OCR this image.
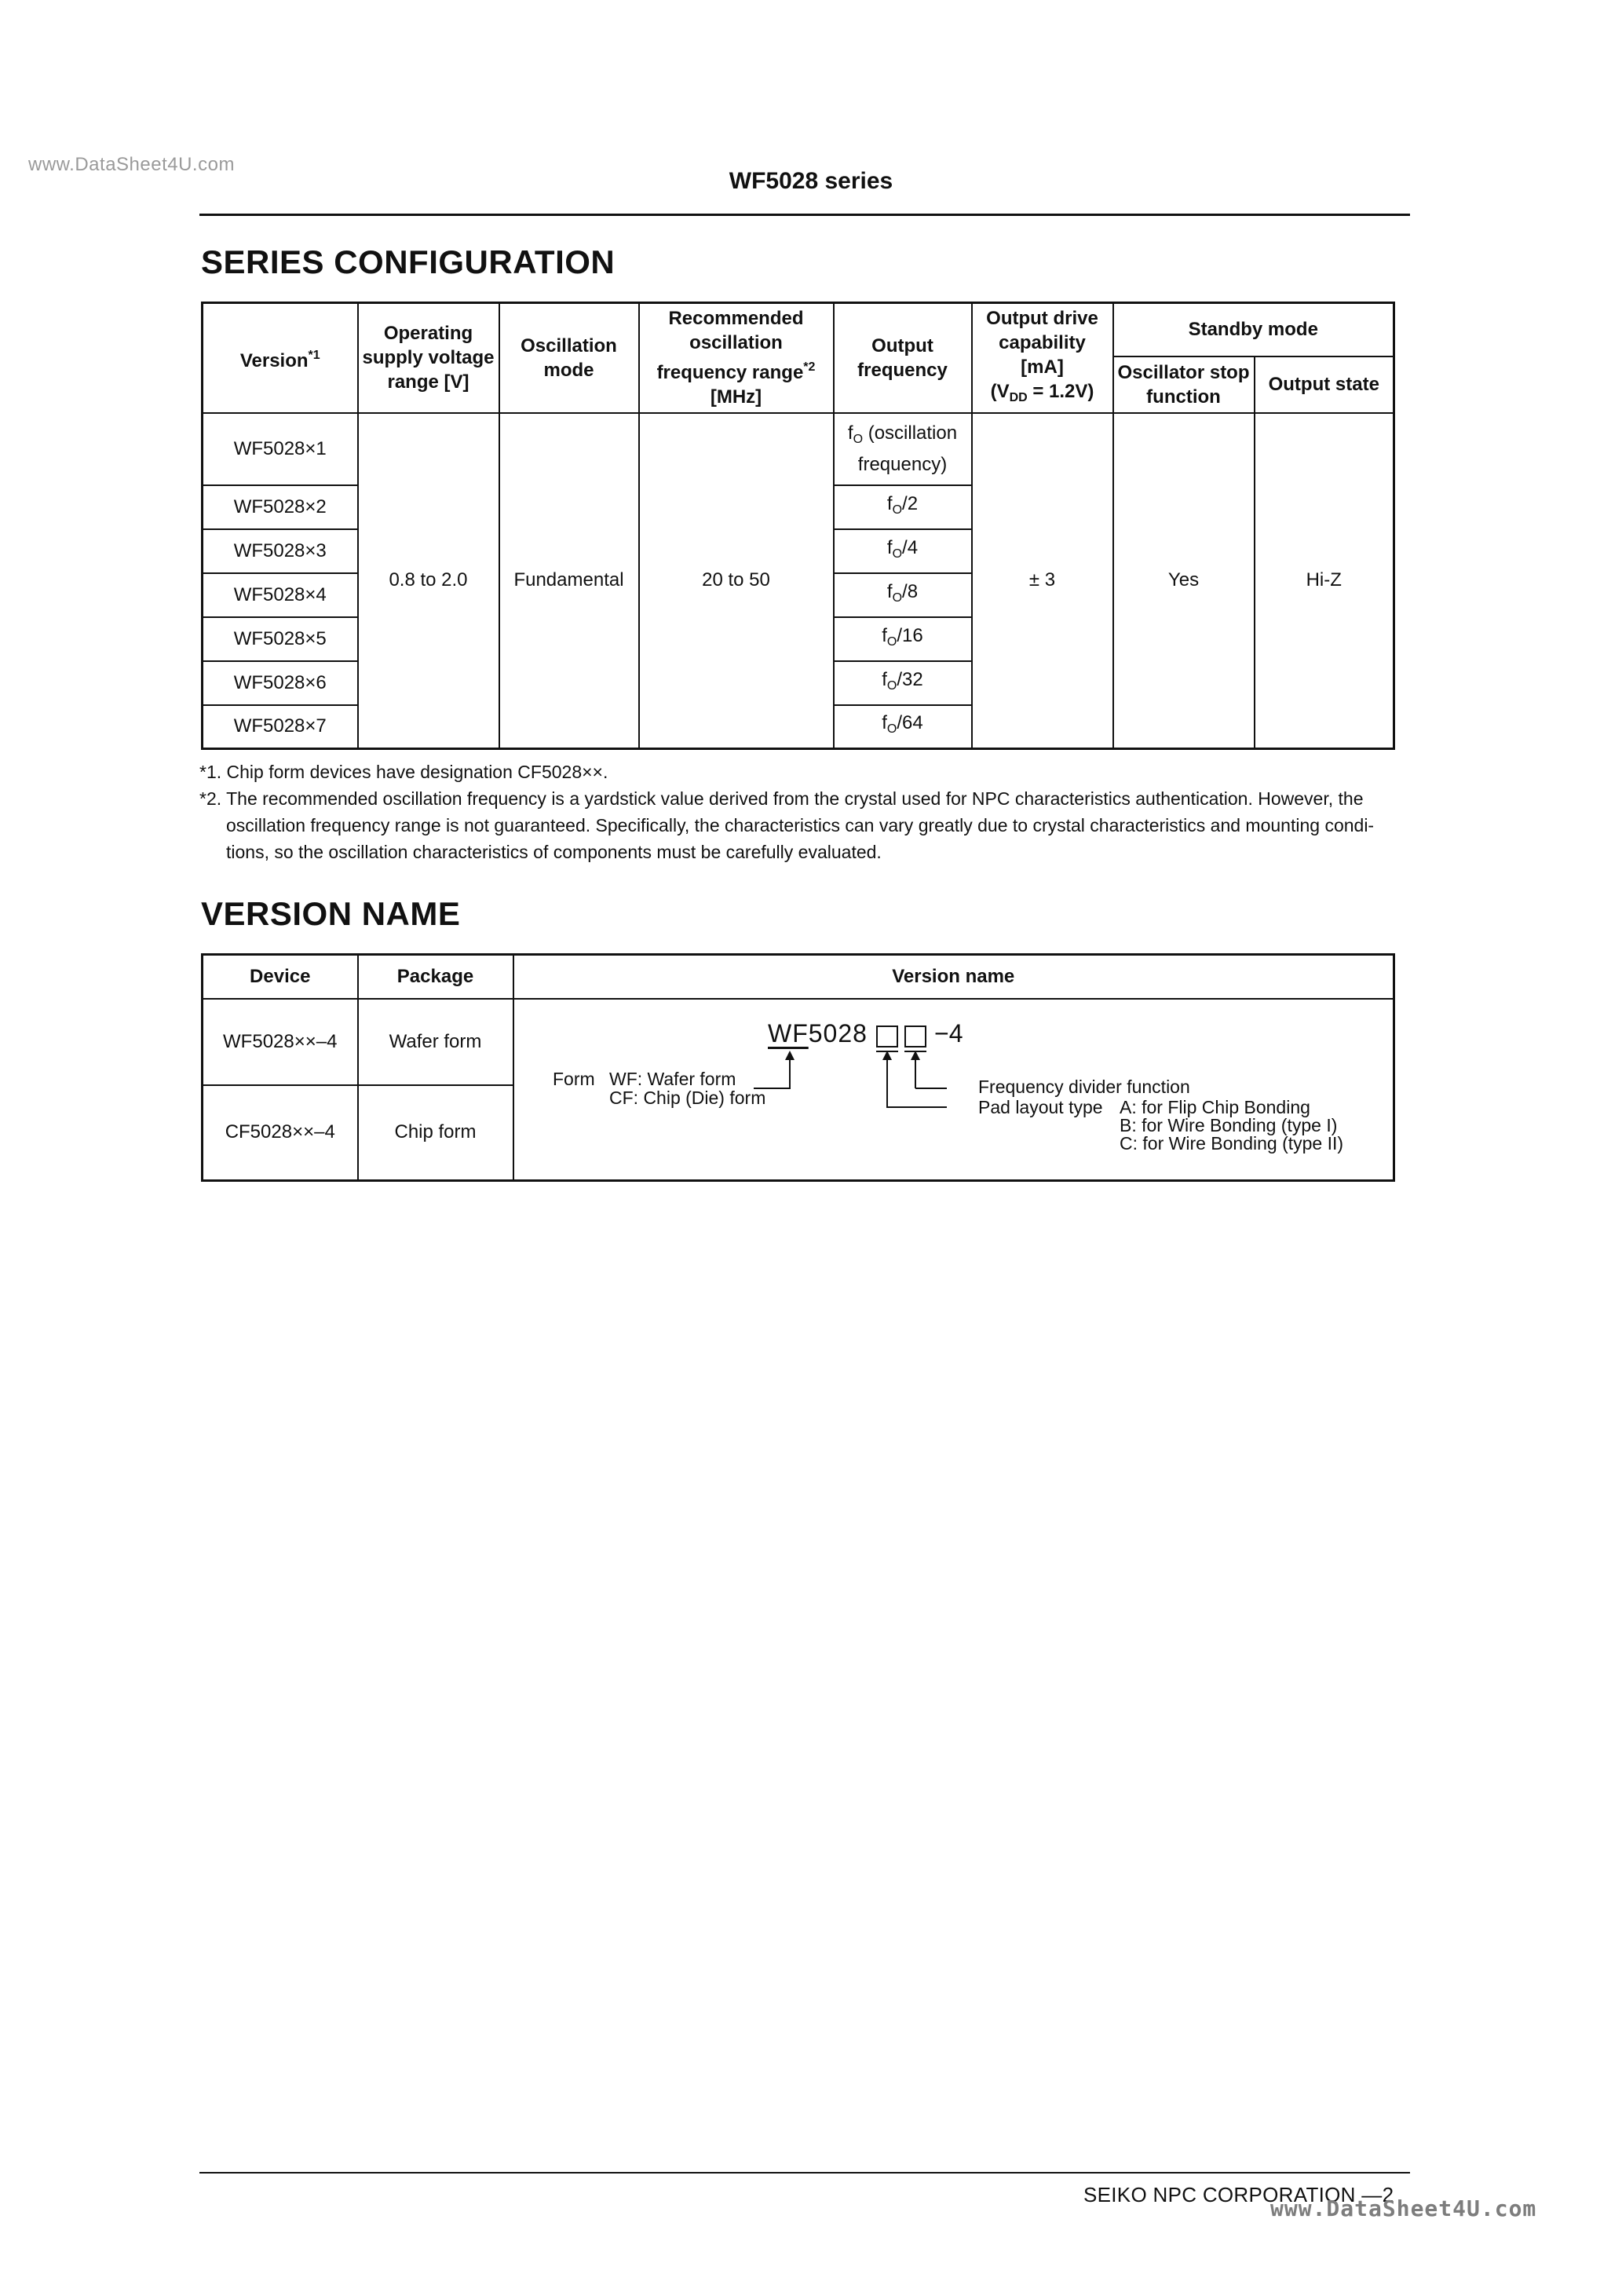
www.DataSheet4U.com
WF5028 series
SERIES CONFIGURATION
Version$^{*1}$	Operating supply voltage range [V]	Oscillation mode	Recommended oscillation frequency range$^{*2}$ [MHz]	Output frequency	Output drive capability [mA]
$(V_{DD} = 1.2V)$	Standby mode	
						Oscillator stop function	Output state
WF5028×1	0.8 to 2.0	Fundamental	20 to 50	$f_O$ (oscillation frequency)	± 3	Yes	Hi-Z
WF5028×2				$f_O/2$			
WF5028×3				$f_O/4$			
WF5028×4				$f_O/8$			
WF5028×5				$f_O/16$			
WF5028×6				$f_O/32$			
WF5028×7				$f_O/64$			
*1. Chip form devices have designation CF5028××.
*2. The recommended oscillation frequency is a yardstick value derived from the crystal used for NPC characteristics authentication. However, the
oscillation frequency range is not guaranteed. Specifically, the characteristics can vary greatly due to crystal characteristics and mounting condi-
tions, so the oscillation characteristics of components must be carefully evaluated.
VERSION NAME
Device	Package	Version name
WF5028××–4	Wafer form	
CF5028××–4	Chip form	
WF5028	−4
Form WF: Wafer form
CF: Chip (Die) form
Frequency divider function
Pad layout type A: for Flip Chip Bonding
B: for Wire Bonding (type I)
C: for Wire Bonding (type II)
SEIKO NPC CORPORATION —2
www.DataSheet4U.com
